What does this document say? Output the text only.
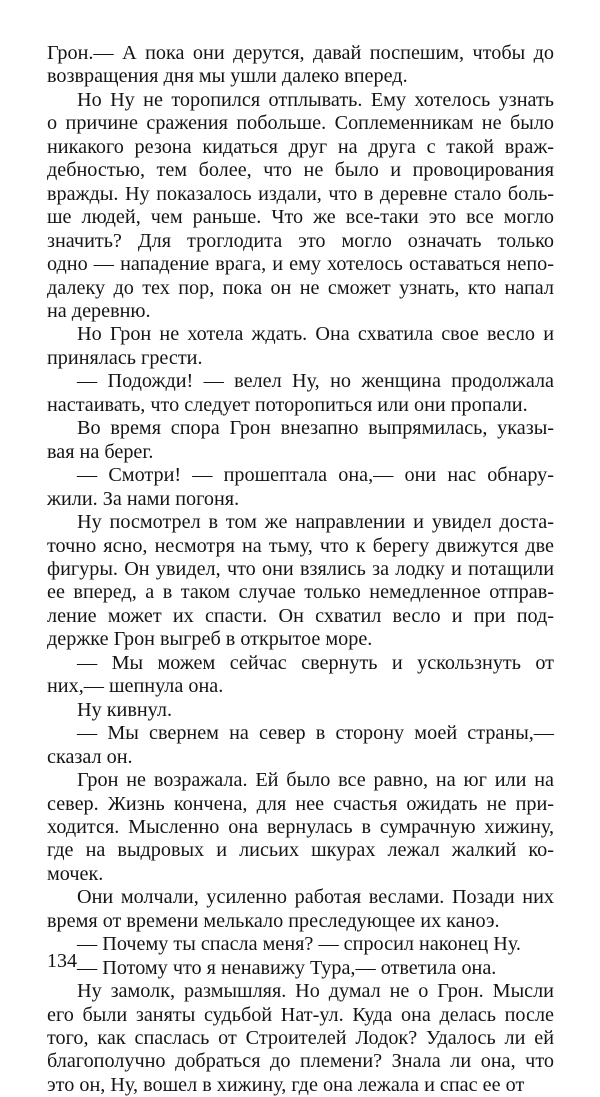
Грон.— А пока они дерутся, давай поспешим, чтобы до

возвращения дня мы ушли далеко вперед.

Но Ну не торопился отплывать. Ему хотелось узнать

о причине сражения побольше. Соплеменникам не было

никакого резона кидаться друг на друга с такой враж-

дебностью, тем более, что не было и провоцирования

вражды. Ну показалось издали, что в деревне стало боль-

ше людей, чем раньше. Что же все-таки это все могло

значить? Для троглодита это могло означать только

одно — нападение врага, и ему хотелось оставаться непо-

далеку до тех пор, пока он не сможет узнать, кто напал

на деревню.

Но Грон не хотела ждать. Она схватила свое весло и

принялась грести.

— Подожди! — велел Ну, но женщина продолжала

настаивать, что следует поторопиться или они пропали.

Во время спора Грон внезапно выпрямилась, указы-

вая на берег.

— Смотри! — прошептала она,— они нас обнару-

жили. За нами погоня.

Ну посмотрел в том же направлении и увидел доста-

точно ясно, несмотря на тьму, что к берегу движутся две

фигуры. Он увидел, что они взялись за лодку и потащили

ее вперед, а в таком случае только немедленное отправ-

ление может их спасти. Он схватил весло и при под-

держке Грон выгреб в открытое море.

— Мы можем сейчас свернуть и ускользнуть от

них,— шепнула она.

Ну кивнул.

— Мы свернем на север в сторону моей страны,—

сказал он.

Грон не возражала. Ей было все равно, на юг или на

север. Жизнь кончена, для нее счастья ожидать не при-

ходится. Мысленно она вернулась в сумрачную хижину,

где на выдровых и лисьих шкурах лежал жалкий ко-

мочек.

Они молчали, усиленно работая веслами. Позади них

время от времени мелькало преследующее их каноэ.

— Почему ты спасла меня? — спросил наконец Ну.

— Потому что я ненавижу Тура,— ответила она.

Ну замолк, размышляя. Но думал не о Грон. Мысли

его были заняты судьбой Нат-ул. Куда она делась после

того, как спаслась от Строителей Лодок? Удалось ли ей

благополучно добраться до племени? Знала ли она, что

это он, Ну, вошел в хижину, где она лежала и спас ее от

134
